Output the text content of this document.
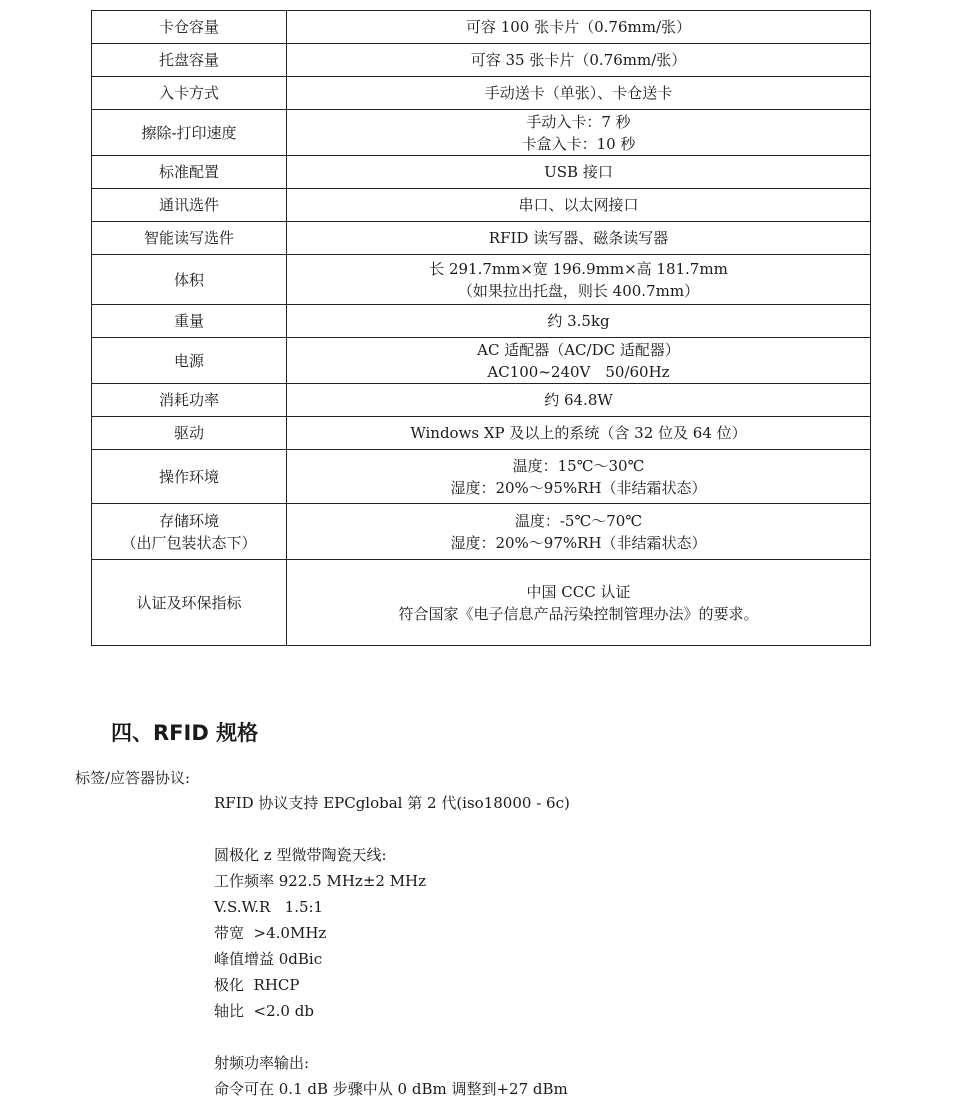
卡仓容量	可容 100 张卡片（0.76mm/张）

托盘容量	可容 35 张卡片（0.76mm/张）

入卡方式	手动送卡（单张）、卡仓送卡

擦除-打印速度	手动入卡：7 秒
卡盒入卡：10 秒

标准配置	USB 接口

通讯选件	串口、以太网接口

智能读写选件	RFID 读写器、磁条读写器

体积	长 291.7mm×宽 196.9mm×高 181.7mm
（如果拉出托盘，则长 400.7mm）

重量	约 3.5kg

电源	AC 适配器（AC/DC 适配器）
AC100~240V　50/60Hz

消耗功率	约 64.8W

驱动	Windows XP 及以上的系统（含 32 位及 64 位）

操作环境	温度：15℃～30℃
湿度：20%～95%RH（非结霜状态）

存储环境
（出厂包装状态下）	温度：-5℃～70℃
湿度：20%～97%RH（非结霜状态）

认证及环保指标	中国 CCC 认证
符合国家《电子信息产品污染控制管理办法》的要求。
四、RFID 规格
标签/应答器协议:
RFID 协议支持 EPCglobal 第 2 代(iso18000 - 6c)
圆极化 z 型微带陶瓷天线:
工作频率 922.5 MHz±2 MHz
V.S.W.R   1.5:1
带宽  >4.0MHz
峰值增益 0dBic
极化  RHCP
轴比  <2.0 db
射频功率输出:
命令可在 0.1 dB 步骤中从 0 dBm 调整到+27 dBm
